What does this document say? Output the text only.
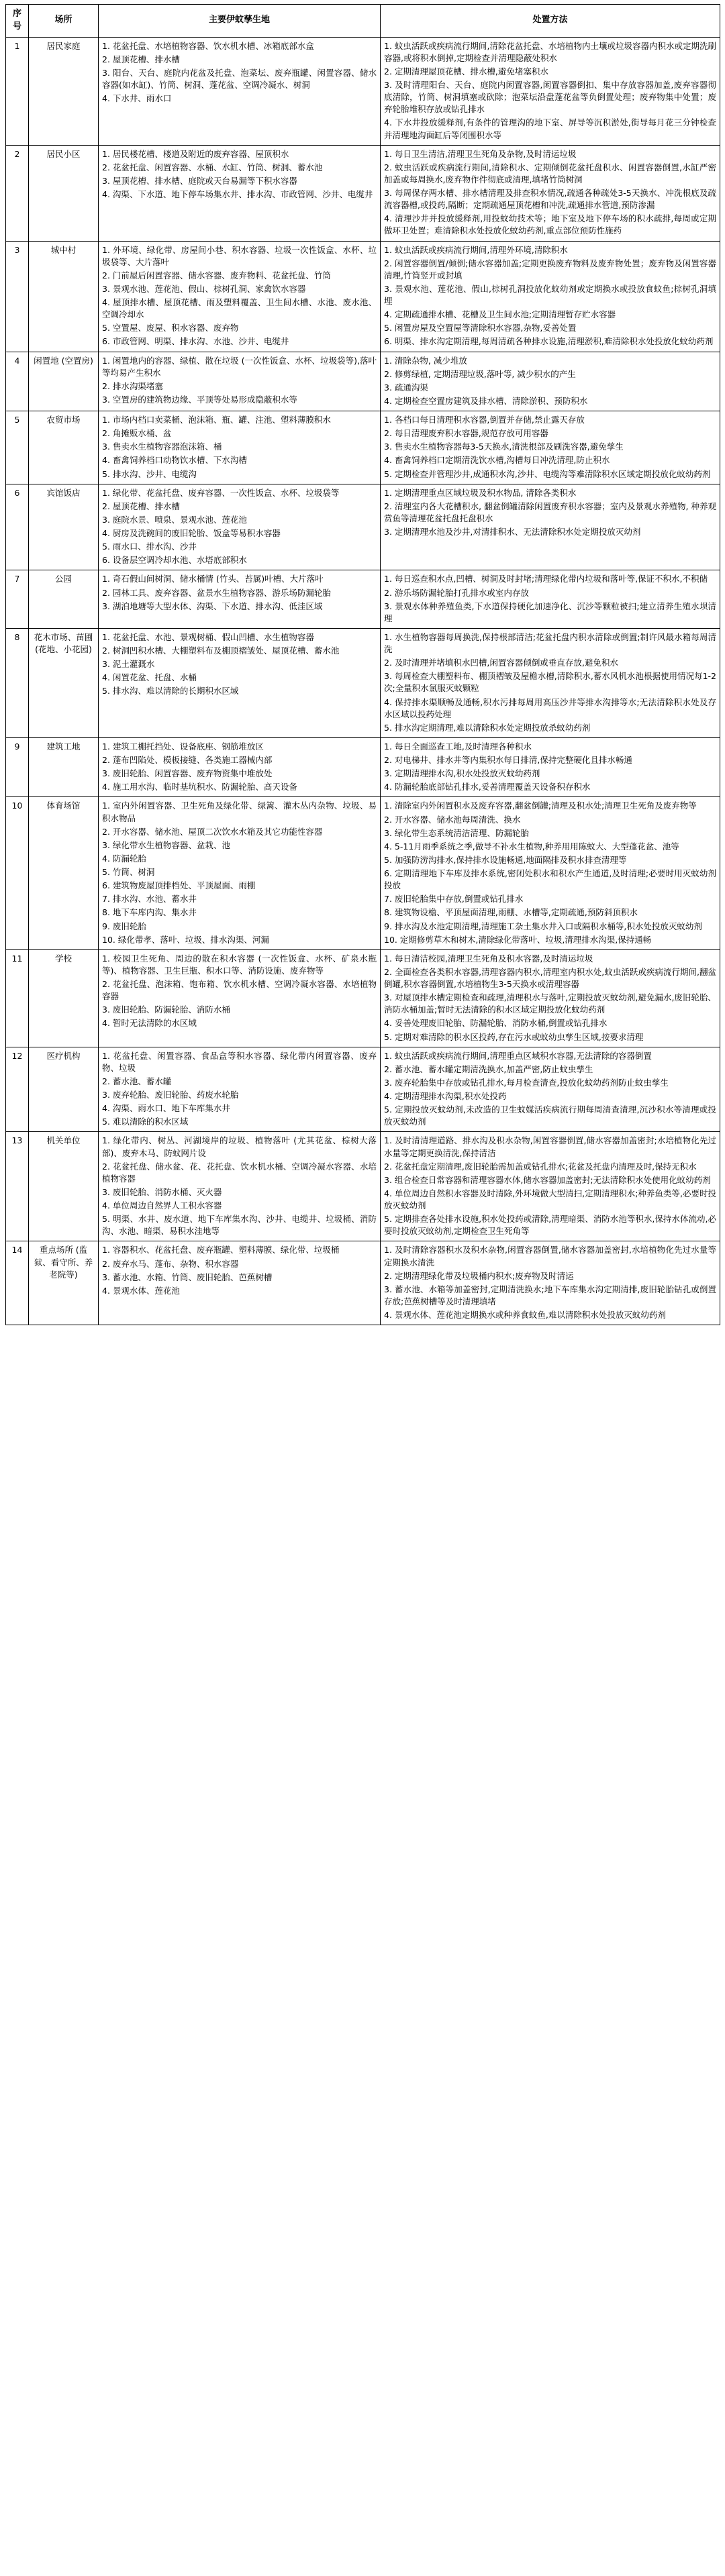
序号	场所	主要伊蚊孳生地	处置方法
1	居民家庭	1. 花盆托盘、水培植物容器、饮水机水槽、冰箱底部水盒
2. 屋顶花槽、排水槽
3. 阳台、天台、庭院内花盆及托盘、泡菜坛、废弃瓶罐、闲置容器、储水容器(如水缸)、竹筒、树洞、蓬花盆、空调冷凝水、树洞
4. 下水井、雨水口

1. 蚊虫活跃或疾病流行期间,清除花盆托盘、水培植物内土壤或垃圾容器内积水或定期洗刷容器,或将积水倒掉,定期检查并清理隐蔽处积水
2. 定期清理屋顶花槽、排水槽,避免堵塞积水
3. 及时清理阳台、天台、庭院内闲置容器,闲置容器倒扣、集中存放容器加盖,废弃容器彻底清除，竹筒、树洞填塞或砍除；泡菜坛沿盘蓬花盆等负倒置处理；废弃物集中处置；废弃轮胎堆积存放或钻孔排水
4. 下水井投放缓释剂,有条件的管理沟的地下室、屏导等沉积淤处,街导每月花三分钟检查并清理地沟面缸后等闭围积水等

2	居民小区	1. 居民楼花槽、楼道及附近的废弃容器、屋顶积水
2. 花盆托盘、闲置容器、水桶、水缸、竹筒、树洞、蓄水池
3. 屋顶花槽、排水槽、庭院或天台易漏等下积水容器
4. 沟渠、下水道、地下停车场集水井、排水沟、市政管网、沙井、电缆井

1. 每日卫生清洁,清理卫生死角及杂物,及时清运垃圾
2. 蚊虫活跃或疾病流行期间,清除积水、定期倾倒花盆托盘积水、闲置容器倒置,水缸严密加盖或每周换水,废弃物作件彻底或清理,填堵竹筒树洞
3. 每周保存两水槽、排水槽清理及排查积水情况,疏通各种疏处3-5天换水、冲洗根底及疏流容器槽,或投药,隔断；定期疏通屋顶花槽和冲洗,疏通排水管道,预防渗漏
4. 清理沙井并投放缓释剂,用投蚊幼技术等；地下室及地下停车场的积水疏排,每周或定期做环卫处置；难清除积水处投放化蚊幼药剂,重点部位预防性施药

3	城中村	1. 外环境、绿化带、房屋间小巷、积水容器、垃圾一次性饭盒、水杯、垃圾袋等、大片落叶
2. 门前屋后闲置容器、储水容器、废弃物料、花盆托盘、竹筒
3. 景观水池、莲花池、假山、棕树孔洞、家禽饮水容器
4. 屋顶排水槽、屋顶花槽、雨及塑料覆盖、卫生间水槽、水池、废水池、空调冷却水
5. 空置屋、废屋、积水容器、废弃物
6. 市政管网、明渠、排水沟、水池、沙井、电缆井

1. 蚊虫活跃或疾病流行期间,清理外环境,清除积水
2. 闲置容器倒置/倾倒;储水容器加盖;定期更换废弃物料及废弃物处置；废弃物及闲置容器清理,竹筒竖开或封填
3. 景观水池、莲花池、假山,棕树孔洞投放化蚊幼剂或定期换水或投放食蚊鱼;棕树孔洞填埋
4. 定期疏通排水槽、花槽及卫生间水池;定期清理暂存贮水容器
5. 闲置房屋及空置屋等清除积水容器,杂物,妥善处置
6. 明渠、排水沟定期清理,每周清疏各种排水设施,清理淤积,难清除积水处投放化蚊幼药剂

4	闲置地 (空置房)	1. 闲置地内的容器、绿植、散在垃圾 (一次性饭盒、水杯、垃圾袋等),落叶等均易产生积水
2. 排水沟渠堵塞
3. 空置房的建筑物边缘、平顶等处易形成隐蔽积水等

1. 清除杂物, 减少堆放
2. 修剪绿植, 定期清理垃圾,落叶等, 减少积水的产生
3. 疏通沟渠
4. 定期检查空置房建筑及排水槽、清除淤积、预防积水

5	农贸市场	1. 市场内档口卖菜桶、泡沫箱、瓶、罐、注池、塑料薄膜积水
2. 角摊贩水桶、盆
3. 售卖水生植物容器泡沫箱、桶
4. 畜禽饲养档口动物饮水槽、下水沟槽
5. 排水沟、沙井、电缆沟

1. 各档口每日清理积水容器,倒置并存储,禁止露天存放
2. 每日清理废弃积水容器,规范存放可用容器
3. 售卖水生植物容器每3-5天换水,清洗根部及刷洗容器,避免孳生
4. 畜禽饲养档口定期清洗饮水槽,沟槽每日冲洗清理,防止积水
5. 定期检查并管理沙井,成通积水沟,沙井、电缆沟等难清除积水区域定期投放化蚊幼药剂

6	宾馆饭店	1. 绿化带、花盆托盘、废弃容器、一次性饭盒、水杯、垃圾袋等
2. 屋顶花槽、排水槽
3. 庭院水景、喷泉、景观水池、莲花池
4. 厨房及洗碗间的废旧轮胎、饭盒等易积水容器
5. 雨水口、排水沟、沙井
6. 设备层空调冷却水池、水塔底部积水

1. 定期清理重点区域垃圾及积水物品, 清除各类积水
2. 清理室内各大花槽积水, 翻盆倒罐清除闲置废弃积水容器；室内及景观水养殖物, 种养观赏鱼等清理花盆托盘托盘积水
3. 定期清理水池及沙井,对清排积水、无法清除积水处定期投放灭幼剂

7	公园	1. 奇石假山间树洞、储水桶情 (竹头、苔属)叶槽、大片落叶
2. 园林工具、废弃容器、盆景水生植物容器、游乐场防漏轮胎
3. 湖泊地塘等大型水体、沟渠、下水道、排水沟、低洼区域

1. 每日巡查积水点,凹槽、树洞及时封堵;清理绿化带内垃圾和落叶等,保证不积水,不积储
2. 游乐场防漏轮胎打孔排水或室内存放
3. 景观水体种养殖鱼类,下水道保持硬化加速净化、沉沙等颗粒被扫;建立清养生殖水坝清理

8	花木市场、苗圃 (花地、小花园)	
1. 花盆托盘、水池、景观树桶、假山凹槽、水生植物容器
2. 树洞凹积水槽、大棚塑料布及棚顶褶皱处、屋顶花槽、蓄水池
3. 泥土灌溉水
4. 闲置花盆、托盘、水桶
5. 排水沟、难以清除的长期积水区域

1. 水生植物容器每周换洗,保持根部清洁;花盆托盘内积水清除或倒置;制许风最水箱每周清洗
2. 及时清理并堵填积水凹槽,闲置容器倾倒或垂直存放,避免积水
3. 每周检查大棚塑料布、棚顶褶皱及屋檐水槽,清除积水,蓄水风机水池根据使用情况每1-2次;全量积水氯服灭蚊颗粒
4. 保持排水渠顺畅及通畅,积水污排每周用高压沙井等排水沟排等水;无法清除积水处及存水区域以投药处理
5. 排水沟定期清理,难以清除积水处定期投放杀蚊幼药剂

9	建筑工地	1. 建筑工棚托挡处、设备底座、钢筋堆放区
2. 蓬布凹陷处、模板接缝、各类施工器械内部
3. 废旧轮胎、闲置容器、废弃物资集中堆放处
4. 施工用水沟、临时基坑积水、防漏轮胎、高天设备

1. 每日全面巡查工地,及时清理各种积水
2. 对电梯井、排水井等内集积水每日排清,保持完整硬化且排水畅通
3. 定期清理排水沟,积水处投放灭蚊幼药剂
4. 防漏轮胎底部钻孔排水,妥善清理覆盖天设备积存积水

10	体育场馆	1. 室内外闲置容器、卫生死角及绿化带、绿篱、灌木丛内杂物、垃圾、易积水物品
2. 开水容器、储水池、屋顶二次饮水水箱及其它功能性容器
3. 绿化带水生植物容器、盆栽、池
4. 防漏轮胎
5. 竹筒、树洞
6. 建筑物废屋顶排档处、平顶屋面、雨棚
7. 排水沟、水池、蓄水井
8. 地下车库内沟、集水井
9. 废旧轮胎
10. 绿化带孝、落叶、垃圾、排水沟渠、河漏

1. 清除室内外闲置积水及废弃容器,翻盆倒罐;清理及积水处;清理卫生死角及废弃物等
2. 开水容器、储水池每周清洗、换水
3. 绿化带生态系统清洁清理、防漏轮胎
4. 5-11月雨季系统之季,做导不补水生植物,种养用用陈蚊大、大型蓬花盆、池等
5. 加强防涝沟排水,保持排水设施畅通,地面隔排及积水排查清理等
6. 定期清理地下车库及排水系统,密闭处积水和积水产生通道,及时清理;必要时用灭蚊幼剂投放
7. 废旧轮胎集中存放,倒置或钻孔排水
8. 建筑物设檐、平顶屋面清理,雨棚、水槽等,定期疏通,预防斜顶积水
9. 排水沟及水池定期清理,清理施工杂土集水井入口或隔积水桶等,积水处投放灭蚊幼剂
10. 定期修剪草木和树木,清除绿化带落叶、垃圾,清理排水沟渠,保持通畅

11	学校	1. 校园卫生死角、周边的散在积水容器 (一次性饭盒、水杯、矿泉水瓶等)、植物容器、卫生巨瓶、积水口等、消防设施、废弃物等
2. 花盆托盘、泡沫箱、饱布箱、饮水机水槽、空调冷凝水容器、水培植物容器
3. 废旧轮胎、防漏轮胎、消防水桶
4. 暂时无法清除的水区域

1. 每日清洁校园,清理卫生死角及积水容器,及时清运垃圾
2. 全面检查各类积水容器,清理容器内积水,清理室内积水处,蚊虫活跃或疾病流行期间,翻盆倒罐,积水容器倒置,水培植物生3-5天换水或清理容器
3. 对屋顶排水槽定期检查和疏理,清理积水与落叶,定期投放灭蚊幼剂,避免漏水,废旧轮胎、消防水桶加盖;暂时无法清除的积水区域定期投放化蚊幼药剂
4. 妥善处理废旧轮胎、防漏轮胎、消防水桶,倒置或钻孔排水
5. 定期对难清除的积水区投药,存在污水或蚊幼虫孳生区域,按要求清理

12	医疗机构	1. 花盆托盘、闲置容器、食品盒等积水容器、绿化带内闲置容器、废弃物、垃圾
2. 蓄水池、蓄水罐
3. 废弃轮胎、废旧轮胎、药废水轮胎
4. 沟渠、雨水口、地下车库集水井
5. 难以清除的积水区域

1. 蚊虫活跃或疾病流行期间,清理重点区域积水容器,无法清除的容器倒置
2. 蓄水池、蓄水罐定期清洗换水,加盖严密,防止蚊虫孳生
3. 废弃轮胎集中存放或钻孔排水,每月检查清查,投放化蚊幼药剂防止蚊虫孳生
4. 定期清理排水沟渠,积水处投药
5. 定期投放灭蚊幼剂,未改造的卫生蚊媒活疾病流行期每周清查清理,沉沙积水等清理或投放灭蚊幼剂

13	机关单位	1. 绿化带内、树丛、河湖境岸的垃圾、植物落叶 (尤其花盆、棕树大落部)、废弃木马、防蚊网片设
2. 花盆托盘、储水盆、花、花托盘、饮水机水桶、空调冷凝水容器、水培植物容器
3. 废旧轮胎、消防水桶、灭火器
4. 单位周边自然界人工积水容器
5. 明渠、水井、废水道、地下车库集水沟、沙井、电缆井、垃圾桶、消防沟、水池、暗渠、易积水洼地等

1. 及时清清理道路、排水沟及积水杂物,闲置容器倒置,储水容器加盖密封;水培植物化先过水量等定期更换清洗,保持清洁
2. 花盆托盘定期清理,废旧轮胎需加盖或钻孔排水;花盆及托盘内清理及时,保持无积水
3. 组合检查日常容器和清理容器水体,储水容器加盖密封;无法清除积水处使用化蚊幼药剂
4. 单位周边自然积水容器及时清除,外环境做大型清扫,定期清理积水;种养鱼类等,必要时投放灭蚊幼剂
5. 定期排查各处排水设施,积水处投药或清除,清理暗渠、消防水池等积水,保持水体流动,必要时投放灭蚊幼剂,定期检查卫生死角等

14	重点场所 (监狱、看守所、养老院等)	
1. 容器积水、花盆托盘、废弃瓶罐、塑料薄膜、绿化带、垃圾桶
2. 废弃水马、蓬布、杂物、积水容器
3. 蓄水池、水箱、竹筒、废旧轮胎、芭蕉树槽
4. 景观水体、莲花池

1. 及时清除容器积水及积水杂物,闲置容器倒置,储水容器加盖密封,水培植物化先过水量等定期换水清洗
2. 定期清理绿化带及垃圾桶内积水;废弃物及时清运
3. 蓄水池、水箱等加盖密封,定期清洗换水;地下车库集水沟定期清排,废旧轮胎钻孔或倒置存放;芭蕉树槽等及时清理填堵
4. 景观水体、莲花池定期换水或种养食蚊鱼,难以清除积水处投放灭蚊幼药剂
